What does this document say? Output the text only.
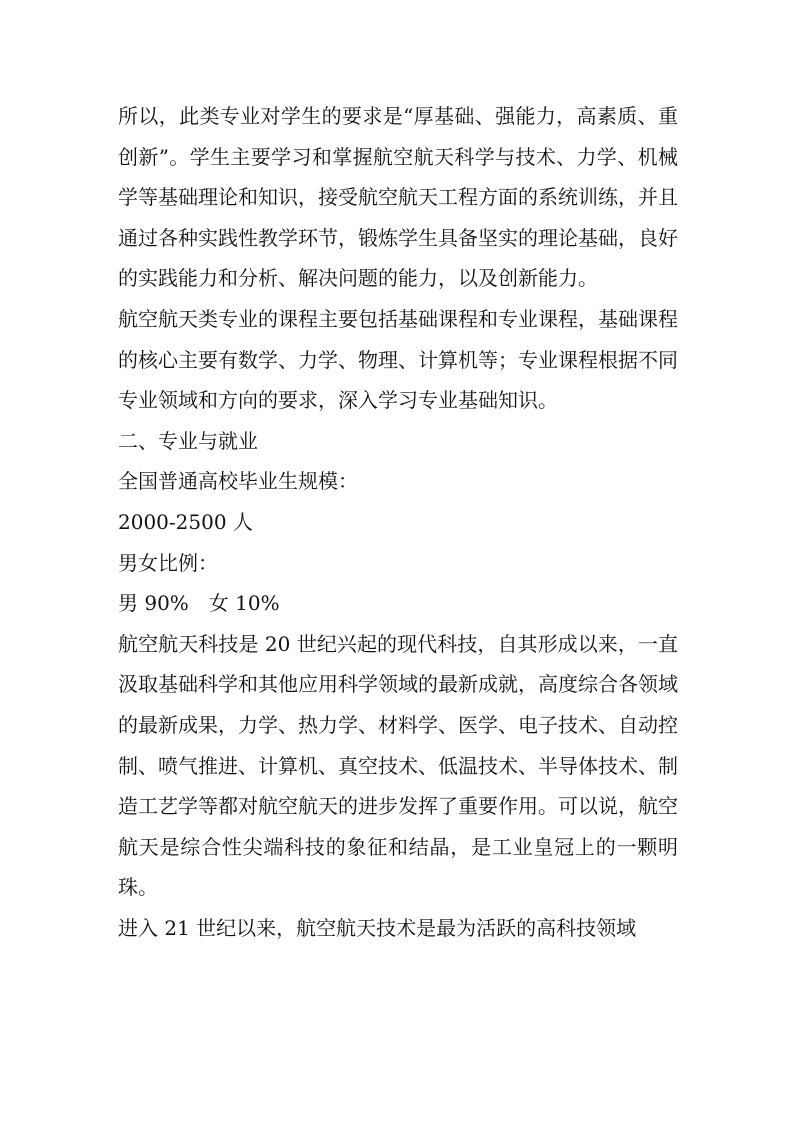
所以，此类专业对学生的要求是“厚基础、强能力，高素质、重创新”。学生主要学习和掌握航空航天科学与技术、力学、机械学等基础理论和知识，接受航空航天工程方面的系统训练，并且通过各种实践性教学环节，锻炼学生具备坚实的理论基础，良好的实践能力和分析、解决问题的能力，以及创新能力。

航空航天类专业的课程主要包括基础课程和专业课程，基础课程的核心主要有数学、力学、物理、计算机等；专业课程根据不同专业领域和方向的要求，深入学习专业基础知识。

二、专业与就业

全国普通高校毕业生规模：

2000-2500 人

男女比例：

男 90%　女 10%

航空航天科技是 20 世纪兴起的现代科技，自其形成以来，一直汲取基础科学和其他应用科学领域的最新成就，高度综合各领域的最新成果，力学、热力学、材料学、医学、电子技术、自动控制、喷气推进、计算机、真空技术、低温技术、半导体技术、制造工艺学等都对航空航天的进步发挥了重要作用。可以说，航空航天是综合性尖端科技的象征和结晶，是工业皇冠上的一颗明珠。

进入 21 世纪以来，航空航天技术是最为活跃的高科技领域
